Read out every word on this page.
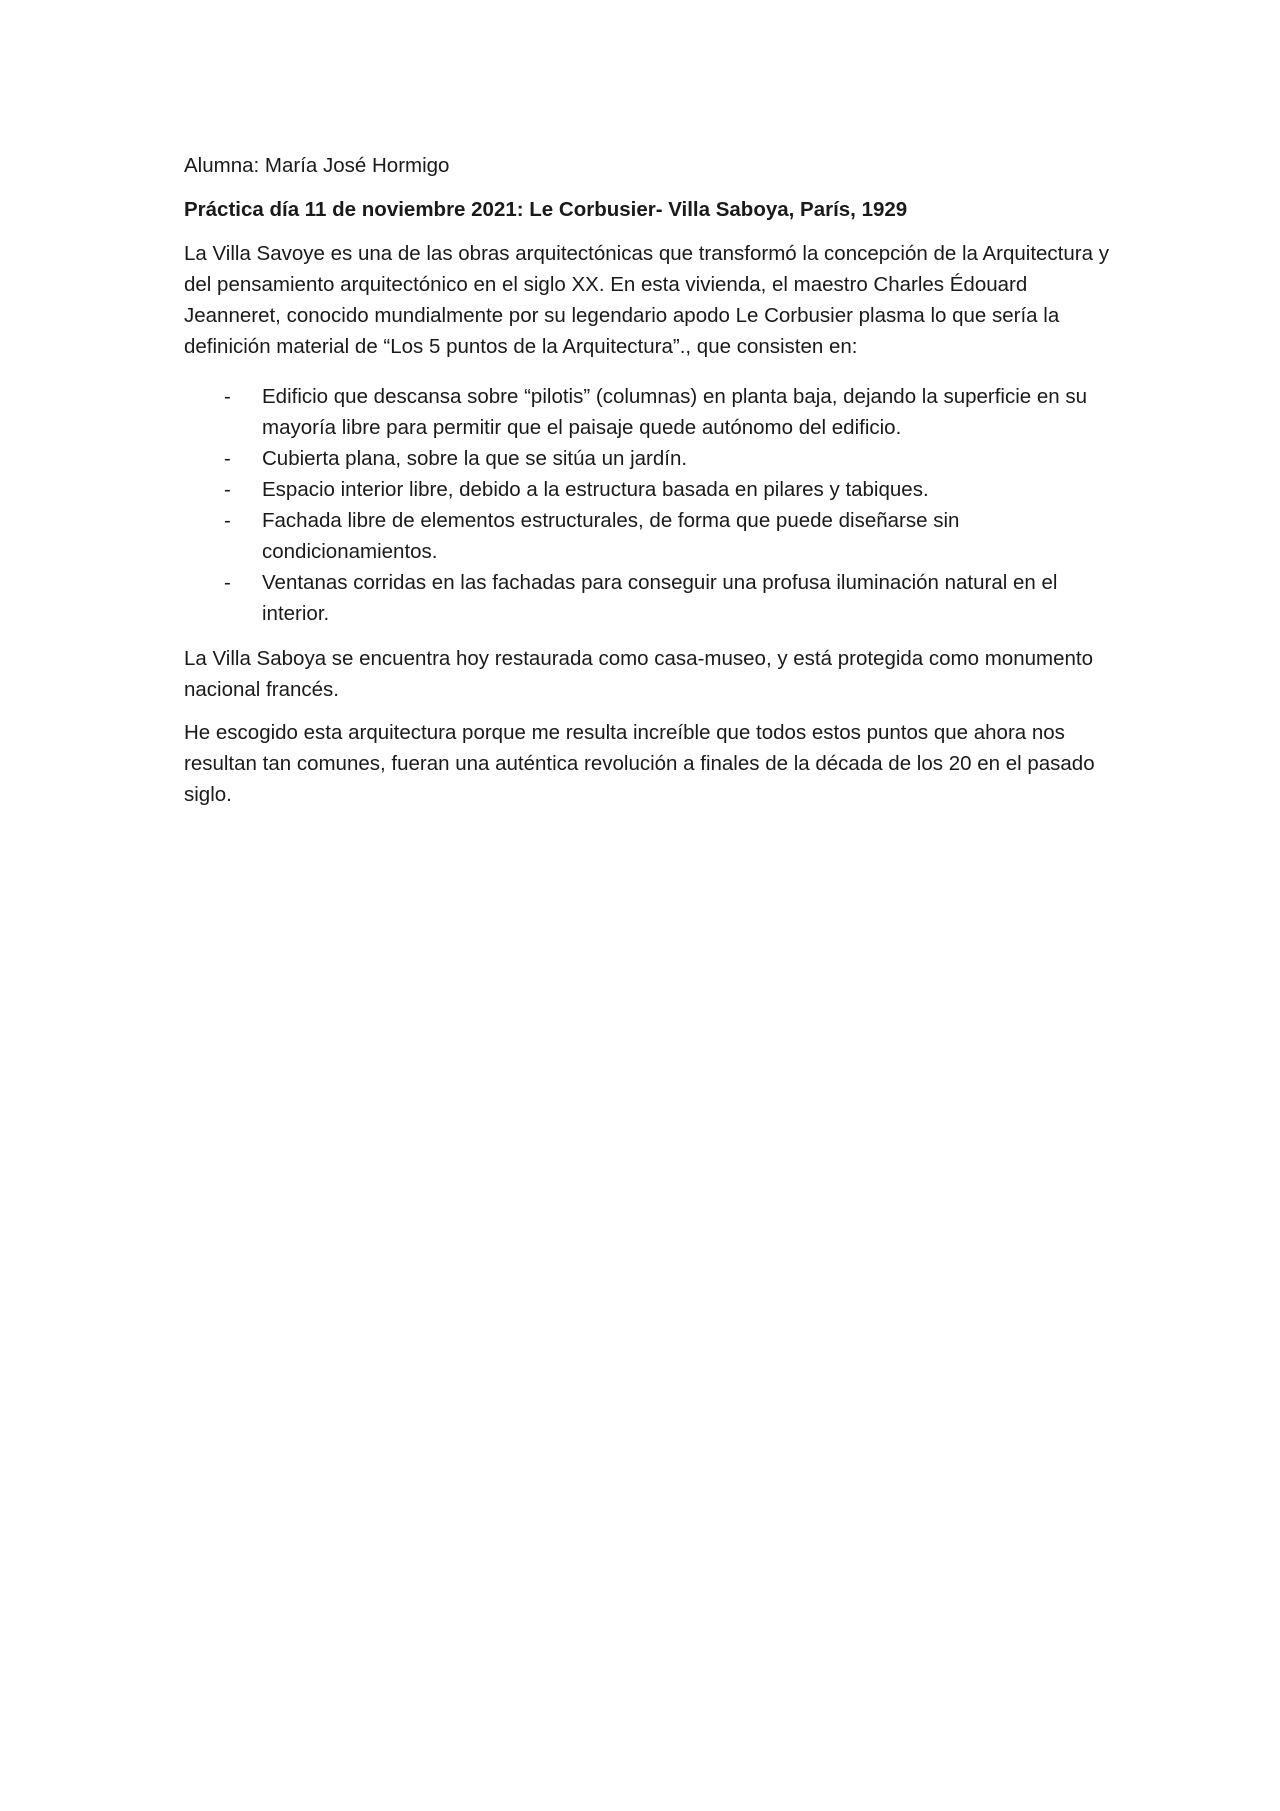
Alumna: María José Hormigo

Práctica día 11 de noviembre 2021: Le Corbusier- Villa Saboya, París, 1929

La Villa Savoye es una de las obras arquitectónicas que transformó la concepción de la Arquitectura y del pensamiento arquitectónico en el siglo XX. En esta vivienda, el maestro Charles Édouard Jeanneret, conocido mundialmente por su legendario apodo Le Corbusier plasma lo que sería la definición material de “Los 5 puntos de la Arquitectura”., que consisten en:

- Edificio que descansa sobre “pilotis” (columnas) en planta baja, dejando la superficie en su mayoría libre para permitir que el paisaje quede autónomo del edificio.
- Cubierta plana, sobre la que se sitúa un jardín.
- Espacio interior libre, debido a la estructura basada en pilares y tabiques.
- Fachada libre de elementos estructurales, de forma que puede diseñarse sin condicionamientos.
- Ventanas corridas en las fachadas para conseguir una profusa iluminación natural en el interior.

La Villa Saboya se encuentra hoy restaurada como casa-museo, y está protegida como monumento nacional francés.

He escogido esta arquitectura porque me resulta increíble que todos estos puntos que ahora nos resultan tan comunes, fueran una auténtica revolución a finales de la década de los 20 en el pasado siglo.
